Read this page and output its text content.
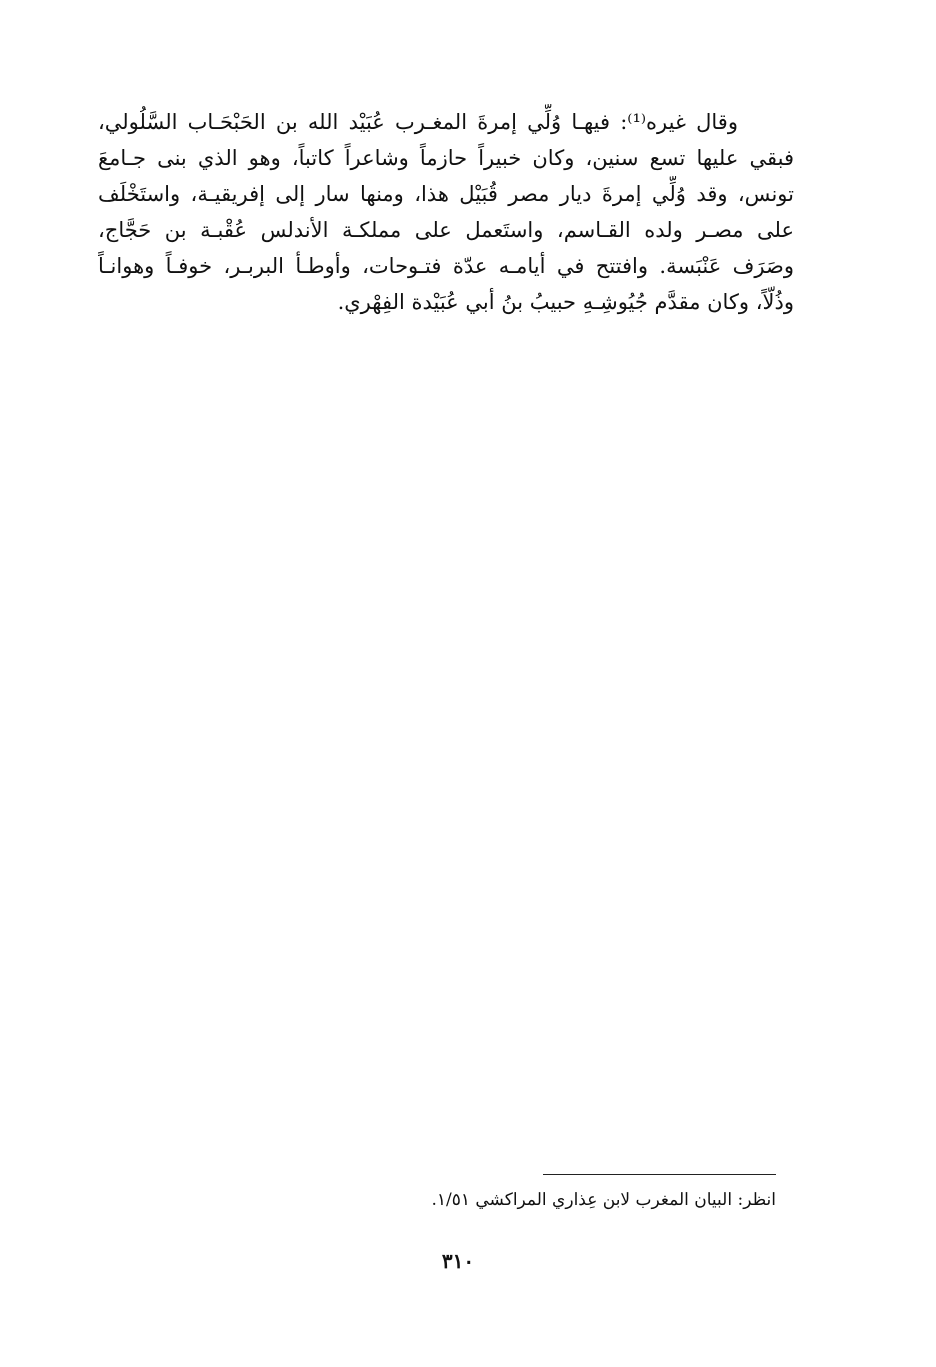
وقال غيره⁽¹⁾: فيهـا وُلِّي إمرةَ المغـرب عُبَيْد الله بن الحَبْحَـاب السَّلُولي،
فبقي عليها تسع سنين، وكان خبيراً حازماً وشاعراً كاتباً، وهو الذي بنى جـامعَ
تونس، وقد وُلِّي إمرةَ ديار مصر قُبَيْل هذا، ومنها سار إلى إفريقيـة، واستَخْلَف
على مصـر ولده القـاسم، واستَعمل على مملكـة الأندلس عُقْبـة بن حَجَّاج،
وصَرَف عَنْبَسة. وافتتح في أيامـه عدّة فتـوحات، وأوطـأ البربـر، خوفـاً وهوانـاً
وذُلّاً، وكان مقدَّم جُيُوشِـهِ حبيبُ بنُ أبي عُبَيْدة الفِهْري.
انظر: البيان المغرب لابن عِذاري المراكشي ١/٥١.
٣١٠
